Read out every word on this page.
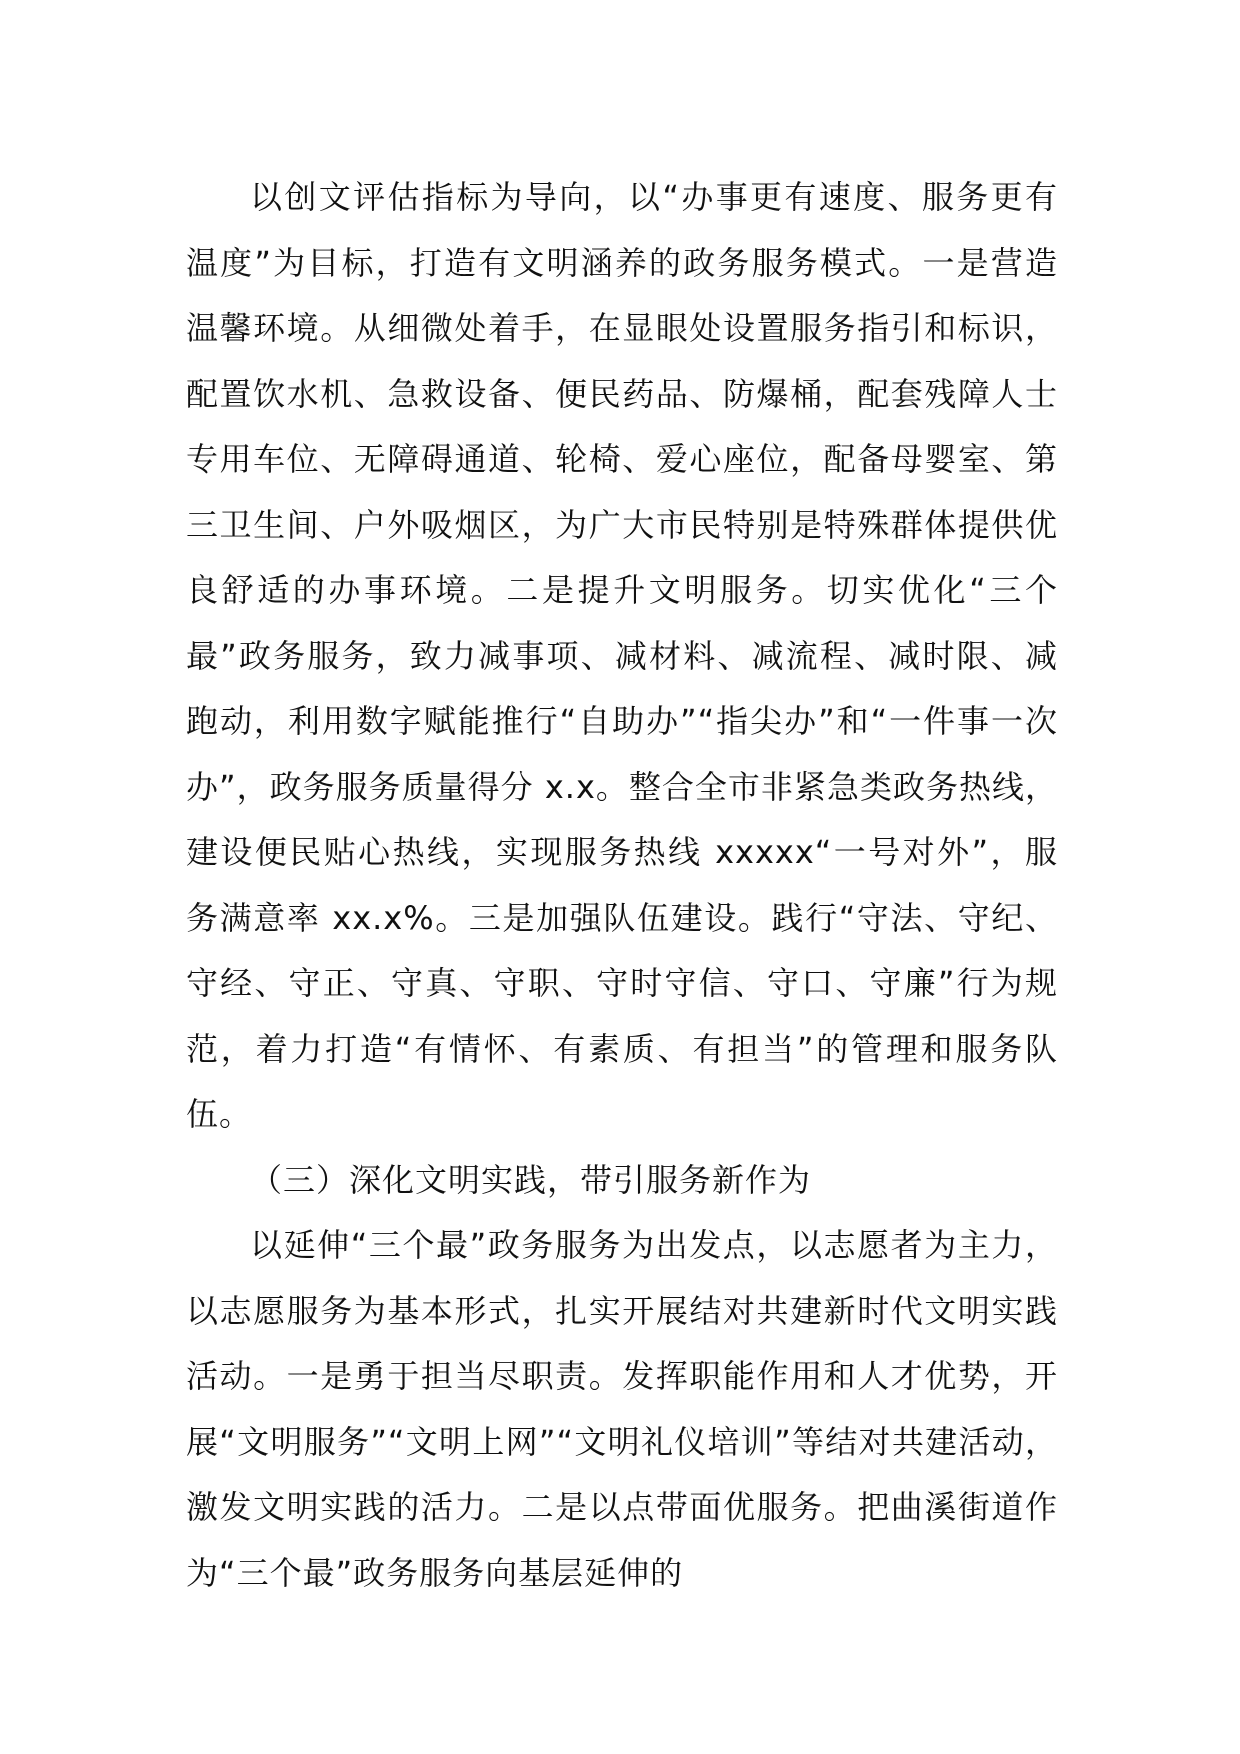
以创文评估指标为导向，以“办事更有速度、服务更有温度”为目标，打造有文明涵养的政务服务模式。一是营造温馨环境。从细微处着手，在显眼处设置服务指引和标识，配置饮水机、急救设备、便民药品、防爆桶，配套残障人士专用车位、无障碍通道、轮椅、爱心座位，配备母婴室、第三卫生间、户外吸烟区，为广大市民特别是特殊群体提供优良舒适的办事环境。二是提升文明服务。切实优化“三个最”政务服务，致力减事项、减材料、减流程、减时限、减跑动，利用数字赋能推行“自助办”“指尖办”和“一件事一次办”，政务服务质量得分 x.x。整合全市非紧急类政务热线，建设便民贴心热线，实现服务热线 xxxxx“一号对外”，服务满意率 xx.x%。三是加强队伍建设。践行“守法、守纪、守经、守正、守真、守职、守时守信、守口、守廉”行为规范，着力打造“有情怀、有素质、有担当”的管理和服务队伍。

（三）深化文明实践，带引服务新作为

以延伸“三个最”政务服务为出发点，以志愿者为主力，以志愿服务为基本形式，扎实开展结对共建新时代文明实践活动。一是勇于担当尽职责。发挥职能作用和人才优势，开展“文明服务”“文明上网”“文明礼仪培训”等结对共建活动，激发文明实践的活力。二是以点带面优服务。把曲溪街道作为“三个最”政务服务向基层延伸的
